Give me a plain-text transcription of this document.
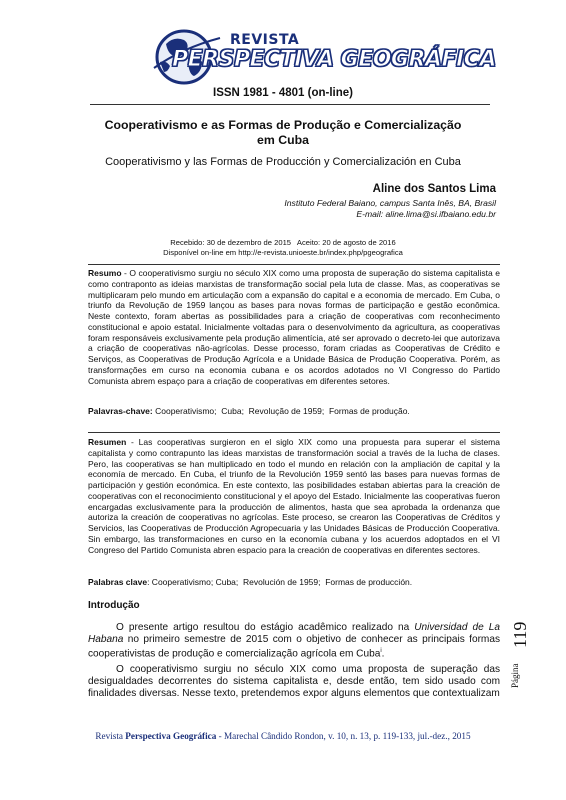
REVISTA
PERSPECTIVA GEOGRÁFICA
ISSN 1981 - 4801 (on-line)
Cooperativismo e as Formas de Produção e Comercialização em Cuba
Cooperativismo y las Formas de Producción y Comercialización en Cuba
Aline dos Santos Lima
Instituto Federal Baiano, campus Santa Inês, BA, Brasil
E-mail: aline.lima@si.ifbaiano.edu.br
Recebido: 30 de dezembro de 2015   Aceito: 20 de agosto de 2016
Disponível on-line em http://e-revista.unioeste.br/index.php/pgeografica
Resumo - O cooperativismo surgiu no século XIX como uma proposta de superação do sistema capitalista e como contraponto as ideias marxistas de transformação social pela luta de classe. Mas, as cooperativas se multiplicaram pelo mundo em articulação com a expansão do capital e a economia de mercado. Em Cuba, o triunfo da Revolução de 1959 lançou as bases para novas formas de participação e gestão econômica. Neste contexto, foram abertas as possibilidades para a criação de cooperativas com reconhecimento constitucional e apoio estatal. Inicialmente voltadas para o desenvolvimento da agricultura, as cooperativas foram responsáveis exclusivamente pela produção alimentícia, até ser aprovado o decreto-lei que autorizava a criação de cooperativas não-agrícolas. Desse processo, foram criadas as Cooperativas de Crédito e Serviços, as Cooperativas de Produção Agrícola e a Unidade Básica de Produção Cooperativa. Porém, as transformações em curso na economia cubana e os acordos adotados no VI Congresso do Partido Comunista abrem espaço para a criação de cooperativas em diferentes setores.
Palavras-chave: Cooperativismo;  Cuba;  Revolução de 1959;  Formas de produção.
Resumen - Las cooperativas surgieron en el siglo XIX como una propuesta para superar el sistema capitalista y como contrapunto las ideas marxistas de transformación social a través de la lucha de clases. Pero, las cooperativas se han multiplicado en todo el mundo en relación con la ampliación de capital y la economía de mercado. En Cuba, el triunfo de la Revolución 1959 sentó las bases para nuevas formas de participación y gestión económica. En este contexto, las posibilidades estaban abiertas para la creación de cooperativas con el reconocimiento constitucional y el apoyo del Estado. Inicialmente las cooperativas fueron encargadas exclusivamente para la producción de alimentos, hasta que sea aprobada la ordenanza que autoriza la creación de cooperativas no agrícolas. Este proceso, se crearon las Cooperativas de Créditos y Servicios, las Cooperativas de Producción Agropecuaria y las Unidades Básicas de Producción Cooperativa. Sin embargo, las transformaciones en curso en la economía cubana y los acuerdos adoptados en el VI Congreso del Partido Comunista abren espacio para la creación de cooperativas en diferentes sectores.
Palabras clave: Cooperativismo; Cuba;  Revolución de 1959;  Formas de producción.
Introdução
O presente artigo resultou do estágio acadêmico realizado na Universidad de La Habana no primeiro semestre de 2015 com o objetivo de conhecer as principais formas cooperativistas de produção e comercialização agrícola em Cuba$^i$.
O cooperativismo surgiu no século XIX como uma proposta de superação das desigualdades decorrentes do sistema capitalista e, desde então, tem sido usado com finalidades diversas. Nesse texto, pretendemos expor alguns elementos que contextualizam
Página
119
Revista Perspectiva Geográfica - Marechal Cândido Rondon, v. 10, n. 13, p. 119-133, jul.-dez., 2015
